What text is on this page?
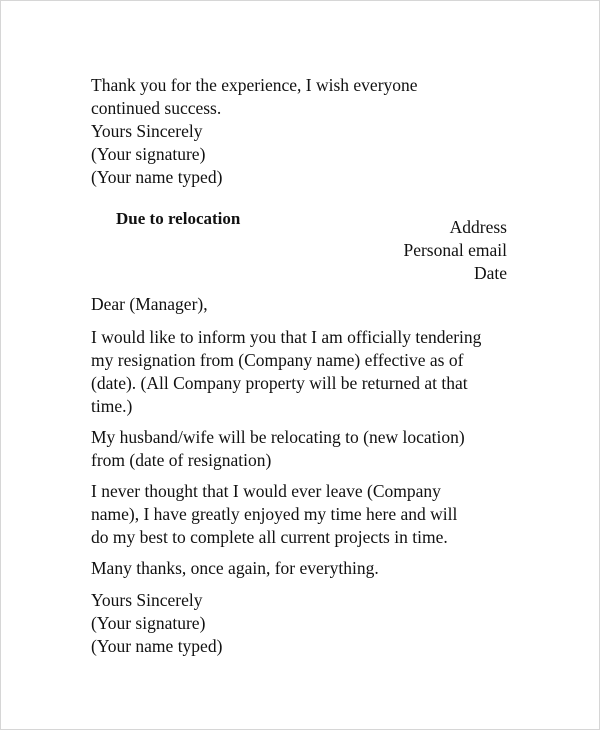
Thank you for the experience, I wish everyone
continued success.
Yours Sincerely
(Your signature)
(Your name typed)
Due to relocation	Address
Personal email
Date
Dear (Manager),
I would like to inform you that I am officially tendering
my resignation from (Company name) effective as of
(date). (All Company property will be returned at that
time.)
My husband/wife will be relocating to (new location)
from (date of resignation)
I never thought that I would ever leave (Company
name), I have greatly enjoyed my time here and will
do my best to complete all current projects in time.
Many thanks, once again, for everything.
Yours Sincerely
(Your signature)
(Your name typed)
